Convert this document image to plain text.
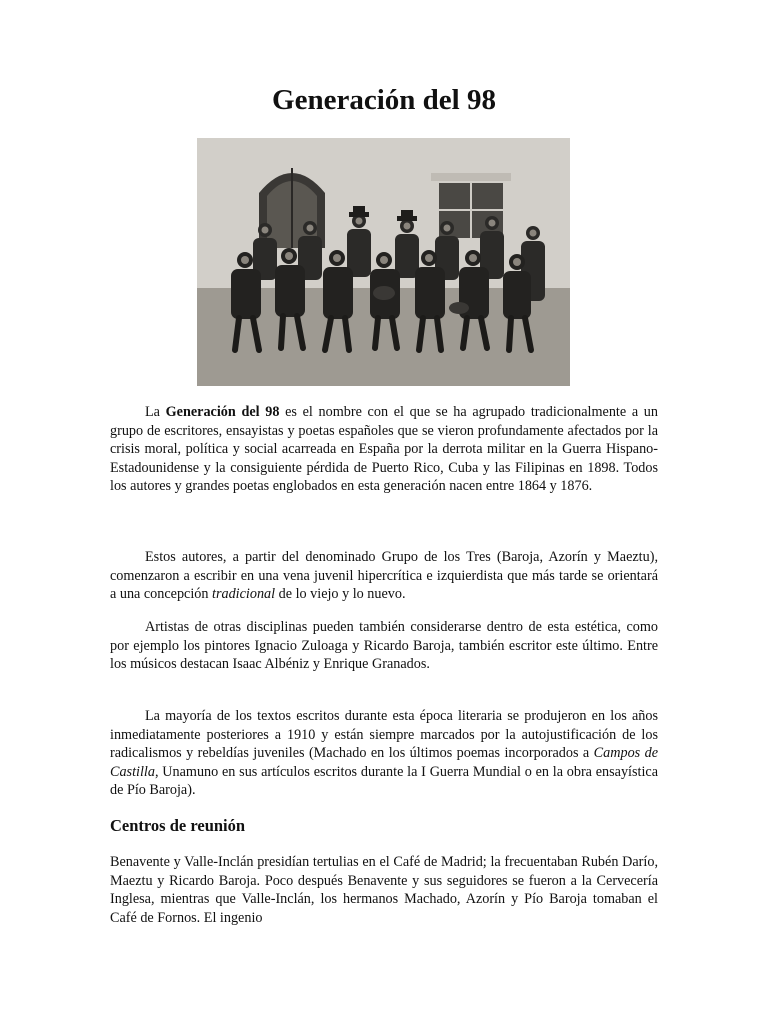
Generación del 98

La Generación del 98 es el nombre con el que se ha agrupado tradicionalmente a un grupo de escritores, ensayistas y poetas españoles que se vieron profundamente afectados por la crisis moral, política y social acarreada en España por la derrota militar en la Guerra Hispano-Estadounidense y la consiguiente pérdida de Puerto Rico, Cuba y las Filipinas en 1898. Todos los autores y grandes poetas englobados en esta generación nacen entre 1864 y 1876.

Estos autores, a partir del denominado Grupo de los Tres (Baroja, Azorín y Maeztu), comenzaron a escribir en una vena juvenil hipercrítica e izquierdista que más tarde se orientará a una concepción tradicional de lo viejo y lo nuevo.

Artistas de otras disciplinas pueden también considerarse dentro de esta estética, como por ejemplo los pintores Ignacio Zuloaga y Ricardo Baroja, también escritor este último. Entre los músicos destacan Isaac Albéniz y Enrique Granados.

La mayoría de los textos escritos durante esta época literaria se produjeron en los años inmediatamente posteriores a 1910 y están siempre marcados por la autojustificación de los radicalismos y rebeldías juveniles (Machado en los últimos poemas incorporados a Campos de Castilla, Unamuno en sus artículos escritos durante la I Guerra Mundial o en la obra ensayística de Pío Baroja).

Centros de reunión

Benavente y Valle-Inclán presidían tertulias en el Café de Madrid; la frecuentaban Rubén Darío, Maeztu y Ricardo Baroja. Poco después Benavente y sus seguidores se fueron a la Cervecería Inglesa, mientras que Valle-Inclán, los hermanos Machado, Azorín y Pío Baroja tomaban el Café de Fornos. El ingenio
